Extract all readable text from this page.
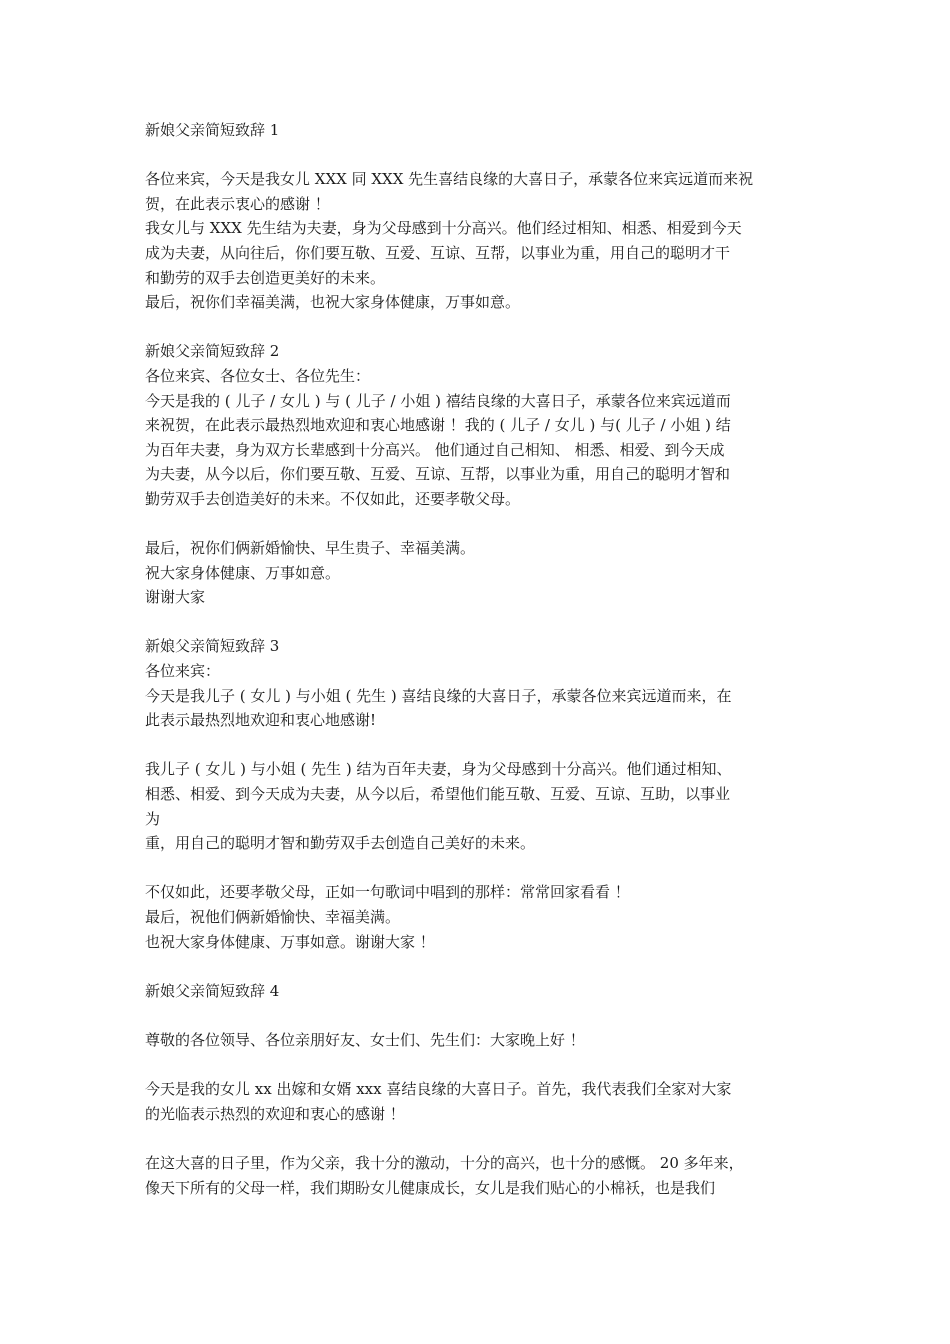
新娘父亲简短致辞 1
各位来宾，今天是我女儿 XXX 同 XXX 先生喜结良缘的大喜日子，承蒙各位来宾远道而来祝
贺，在此表示衷心的感谢 ！
我女儿与 XXX 先生结为夫妻，身为父母感到十分高兴。他们经过相知、相悉、相爱到今天
成为夫妻，从向往后，你们要互敬、互爱、互谅、互帮，以事业为重，用自己的聪明才干
和勤劳的双手去创造更美好的未来。
最后，祝你们幸福美满，也祝大家身体健康，万事如意。
新娘父亲简短致辞 2
各位来宾、各位女士、各位先生：
今天是我的 ( 儿子 / 女儿 ) 与 ( 儿子 / 小姐 ) 禧结良缘的大喜日子，承蒙各位来宾远道而
来祝贺，在此表示最热烈地欢迎和衷心地感谢 ！我的 ( 儿子 / 女儿 ) 与( 儿子 / 小姐 ) 结
为百年夫妻，身为双方长辈感到十分高兴。 他们通过自己相知、 相悉、相爱、到今天成
为夫妻，从今以后，你们要互敬、互爱、互谅、互帮，以事业为重，用自己的聪明才智和
勤劳双手去创造美好的未来。不仅如此，还要孝敬父母。
最后，祝你们俩新婚愉快、早生贵子、幸福美满。
祝大家身体健康、万事如意。
谢谢大家
新娘父亲简短致辞 3
各位来宾：
今天是我儿子 ( 女儿 ) 与小姐 ( 先生 ) 喜结良缘的大喜日子，承蒙各位来宾远道而来，在
此表示最热烈地欢迎和衷心地感谢!
我儿子 ( 女儿 ) 与小姐 ( 先生 ) 结为百年夫妻，身为父母感到十分高兴。他们通过相知、
相悉、相爱、到今天成为夫妻，从今以后，希望他们能互敬、互爱、互谅、互助，以事业
为
重，用自己的聪明才智和勤劳双手去创造自己美好的未来。
不仅如此，还要孝敬父母，正如一句歌词中唱到的那样：常常回家看看 ！
最后，祝他们俩新婚愉快、幸福美满。
也祝大家身体健康、万事如意。谢谢大家 ！
新娘父亲简短致辞 4
尊敬的各位领导、各位亲朋好友、女士们、先生们：大家晚上好 ！
今天是我的女儿 xx 出嫁和女婿 xxx 喜结良缘的大喜日子。首先，我代表我们全家对大家
的光临表示热烈的欢迎和衷心的感谢 ！
在这大喜的日子里，作为父亲，我十分的激动，十分的高兴，也十分的感慨。 20 多年来，
像天下所有的父母一样，我们期盼女儿健康成长，女儿是我们贴心的小棉袄，也是我们
